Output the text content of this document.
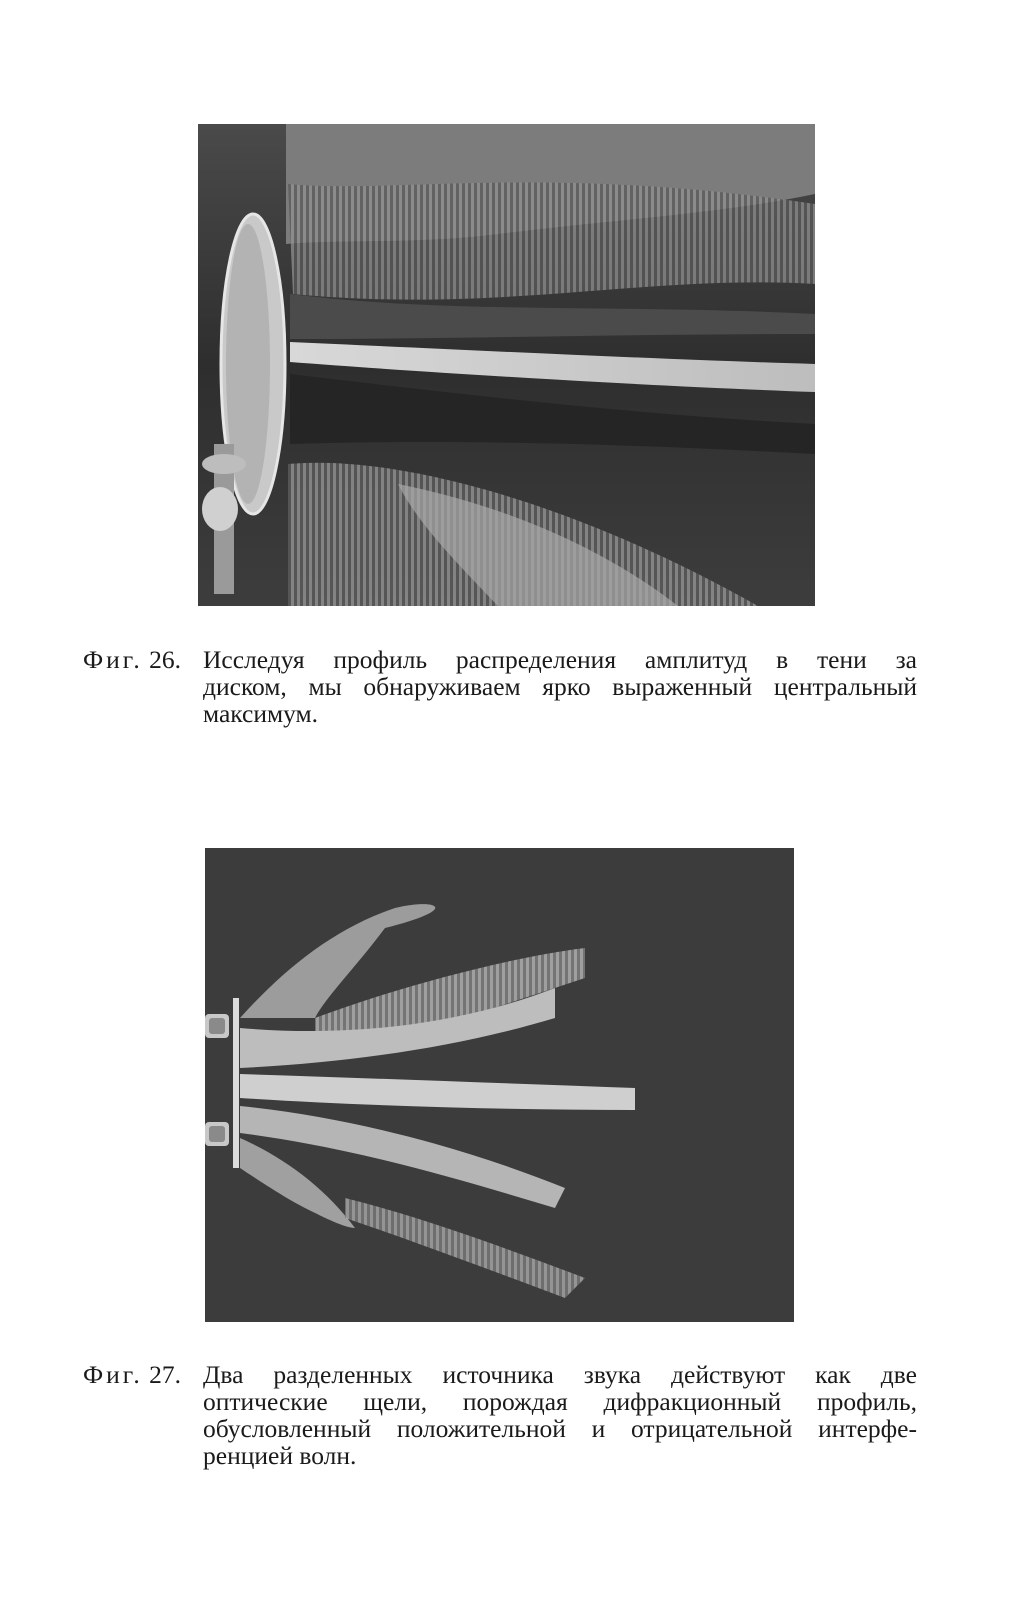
Фиг. 26. Исследуя профиль распределения амплитуд в тени за
диском, мы обнаруживаем ярко выраженный центральный
максимум.
Фиг. 27. Два разделенных источника звука действуют как две
оптические щели, порождая дифракционный профиль,
обусловленный положительной и отрицательной интерфе-
ренцией волн.
